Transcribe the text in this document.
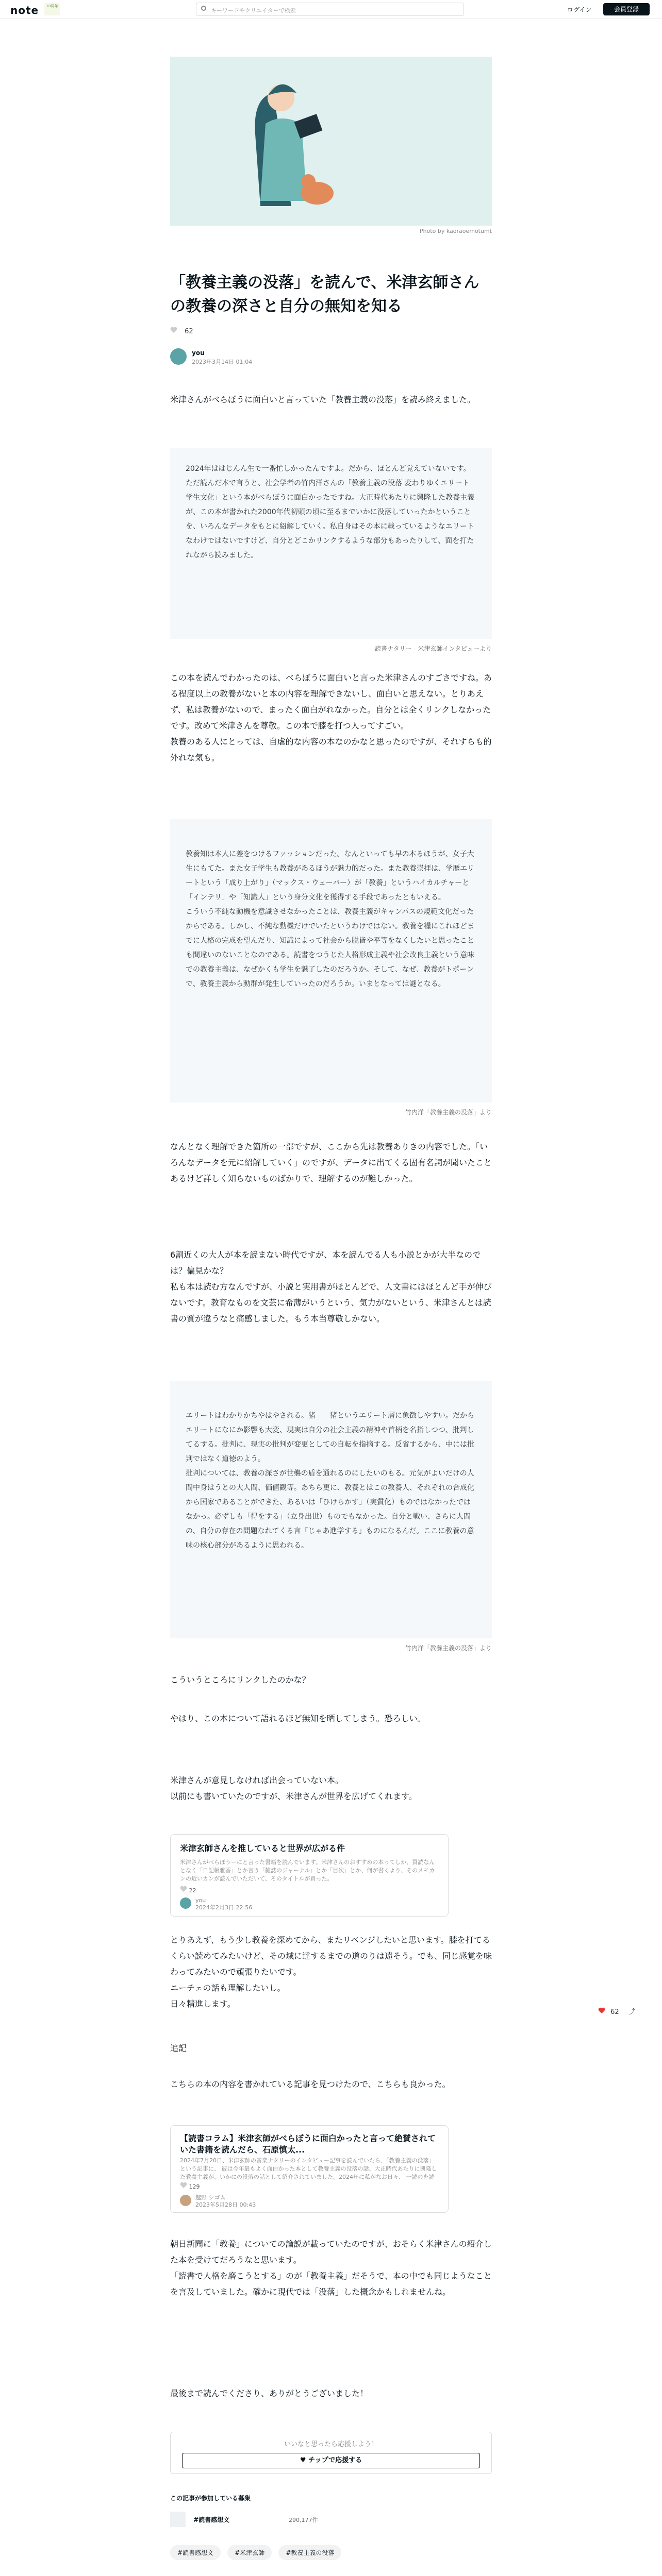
note	10周年
キーワードやクリエイターで検索	ログイン	会員登録
Photo by kaoraoemotumt
「教養主義の没落」を読んで、米津玄師さんの教養の深さと自分の無知を知る
62
you
2023年3月14日 01:04

米津さんがべらぼうに面白いと言っていた「教養主義の没落」を読み終えました。

2024年ははじんん生で一番忙しかったんですよ。だから、ほとんど覚えていないです。ただ読んだ本で言うと、社会学者の竹内洋さんの「教養主義の没落 変わりゆくエリート学生文化」という本がべらぼうに面白かったですね。大正時代あたりに興隆した教養主義が、この本が書かれた2000年代初頭の頃に至るまでいかに没落していったかということを、いろんなデータをもとに紹解していく。私自身はその本に載っているようなエリートなわけではないですけど、自分とどこかリンクするような部分もあったりして、面を打たれながら読みました。
読書ナタリー　米津玄師インタビューより

この本を読んでわかったのは、べらぼうに面白いと言った米津さんのすごさですね。ある程度以上の教養がないと本の内容を理解できないし、面白いと思えない。とりあえず、私は教養がないので、まったく面白がれなかった。自分とは全くリンクしなかったです。改めて米津さんを尊敬。この本で膝を打つ人ってすごい。
教養のある人にとっては、自虐的な内容の本なのかなと思ったのですが、それすらも的外れな気も。

教養知は本人に差をつけるファッションだった。なんといっても早の本るほうが、女子大生にもてた。また女子学生も教養があるほうが魅力的だった。また教養崇拝は、学歴エリートという「成り上がり」（マックス・ウェーバー）が「教養」というハイカルチャーと「インテリ」や「知識人」という身分文化を獲得する手段であったともいえる。
こういう不純な動機を意識させなかったことは、教養主義がキャンパスの規範文化だったからである。しかし、不純な動機だけでいたというわけではない。教養を糧にこれほどまでに人格の完成を望んだり、知識によって社会から脱皆や平等をなくしたいと思ったことも間違いのないことなのである。読書をつうじた人格形成主義や社会改良主義という意味での教養主義は、なぜかくも学生を魅了したのだろうか。そして、なぜ、教養がトポーンで、教養主義から動群が発生していったのだろうか。いまとなっては謎となる。

竹内洋「教養主義の没落」より

なんとなく理解できた箇所の一部ですが、ここから先は教養ありきの内容でした。「いろんなデータを元に紹解していく」のですが、データに出てくる固有名詞が聞いたことあるけど詳しく知らないものばかりで、理解するのが難しかった。

6割近くの大人が本を読まない時代ですが、本を読んでる人も小説とかが大半なのでは？偏見かな？
私も本は読む方なんですが、小説と実用書がほとんどで、人文書にはほとんど手が伸びないです。教育なものを文芸に希薄がいうという、気力がないという、米津さんとは読書の質が違うなと痛感しました。もう本当尊敬しかない。

エリートはわかりかちやはやされる。猪　　猪というエリート層に象徴しやすい。だからエリートになにか影響も大変、現実は自分の社会主義の精神や首柄を名指しつつ、批判してるする。批判に、現実の批判が変更としての自転を指摘する。反省するから、中には批判ではなく道徳のよう。
批判については、教養の深さが世襲の盾を通れるのにしたいのもる。元気がよいだけの人間中身はうとの大人間、価値観等。あちら更に、教養とはこの教養人、それぞれの合成化から国家であることができた、あるいは「ひけらかす」（実質化）ものではなかったではなかっ。必ずしも「得をする」（立身出世）ものでもなかった。自分と戦い、さらに人間の、自分の存在の問題なれてくる言「じゃあ進学する」ものになるんだ。ここに教養の意味の核心部分があるように思われる。

竹内洋「教養主義の没落」より

こういうところにリンクしたのかな？

やはり、この本について語れるほど無知を晒してしまう。恐ろしい。

米津さんが意見しなければ出会っていない本。
以前にも書いていたのですが、米津さんが世界を広げてくれます。

米津玄師さんを推していると世界が広がる件
米津さんがべらぼうーにと言った書籍を読んでいます。米津さんのおすすめの本ってしか、買読なんとなく「日記帳雅香」とか言う「雑誌のジャーナル」とか「目次」とか、何が書くより、そのメモカンの近いカンが読んでいただいて、そのタイトルが買った。
22
you
2024年2月3日 22:56

とりあえず、もう少し教養を深めてから、またリベンジしたいと思います。膝を打てるくらい読めてみたいけど、その域に達するまでの道のりは遠そう。でも、同じ感覚を味わってみたいので頑張りたいです。
ニーチェの話も理解したいし。
日々精進します。

62 ⤴

追記

こちらの本の内容を書かれている記事を見つけたので、こちらも良かった。

【読書コラム】米津玄師がべらぼうに面白かったと言って絶賛されていた書籍を読んだら、石原慎太...
2024年7月20日、米津玄師の音楽ナタリーのインタビュー記事を読んでいたら、「教養主義の没落」という記事に、 彼は今年最もよく面白かった本として教養主義の没落の話、大正時代あたりに興隆した教養主義が、いかにの没落の話として紹介されていました。2024年に私がなお日々、 一読のを読
129
越野 シゴム
2023年5月28日 00:43

朝日新聞に「教養」についての論説が載っていたのですが、おそらく米津さんの紹介した本を受けてだろうなと思います。
「読書で人格を磨こうとする」のが「教養主義」だそうで、本の中でも同じようなことを言及していました。確かに現代では「没落」した概念かもしれませんね。

最後まで読んでくださり、ありがとうございました！

いいなと思ったら応援しよう！
♥ チップで応援する
この記事が参加している募集
#読書感想文	290,177件
#読書感想文	#米津玄師	#教養主義の没落
